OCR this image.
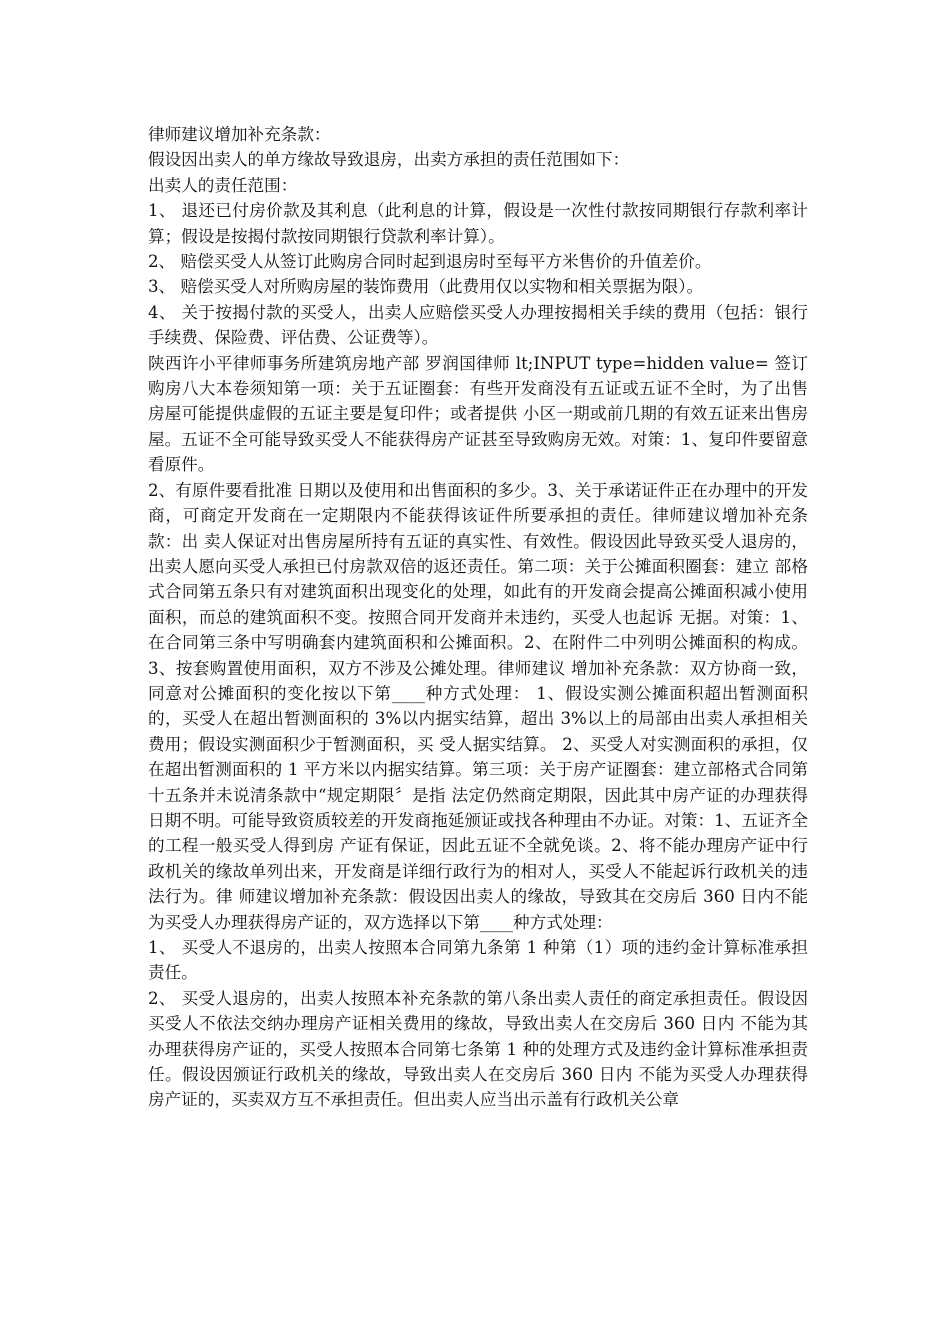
律师建议增加补充条款：

假设因出卖人的单方缘故导致退房，出卖方承担的责任范围如下：

出卖人的责任范围：

1、 退还已付房价款及其利息（此利息的计算，假设是一次性付款按同期银行存款利率计算；假设是按揭付款按同期银行贷款利率计算）。

2、 赔偿买受人从签订此购房合同时起到退房时至每平方米售价的升值差价。

3、 赔偿买受人对所购房屋的装饰费用（此费用仅以实物和相关票据为限）。

4、 关于按揭付款的买受人，出卖人应赔偿买受人办理按揭相关手续的费用（包括：银行手续费、保险费、评估费、公证费等）。

陕西许小平律师事务所建筑房地产部 罗润国律师 lt;INPUT type=hidden value= 签订购房八大本卷须知第一项：关于五证圈套：有些开发商没有五证或五证不全时，为了出售房屋可能提供虚假的五证主要是复印件；或者提供 小区一期或前几期的有效五证来出售房屋。五证不全可能导致买受人不能获得房产证甚至导致购房无效。对策：1、复印件要留意看原件。

2、有原件要看批准 日期以及使用和出售面积的多少。3、关于承诺证件正在办理中的开发商，可商定开发商在一定期限内不能获得该证件所要承担的责任。律师建议增加补充条款：出 卖人保证对出售房屋所持有五证的真实性、有效性。假设因此导致买受人退房的，出卖人愿向买受人承担已付房款双倍的返还责任。第二项：关于公摊面积圈套：建立 部格式合同第五条只有对建筑面积出现变化的处理，如此有的开发商会提高公摊面积减小使用面积，而总的建筑面积不变。按照合同开发商并未违约，买受人也起诉 无据。对策：1、在合同第三条中写明确套内建筑面积和公摊面积。2、在附件二中列明公摊面积的构成。3、按套购置使用面积，双方不涉及公摊处理。律师建议 增加补充条款：双方协商一致，同意对公摊面积的变化按以下第____种方式处理： 1、假设实测公摊面积超出暂测面积的，买受人在超出暂测面积的 3%以内据实结算，超出 3%以上的局部由出卖人承担相关费用；假设实测面积少于暂测面积，买 受人据实结算。 2、买受人对实测面积的承担，仅在超出暂测面积的 1 平方米以内据实结算。第三项：关于房产证圈套：建立部格式合同第十五条并未说清条款中“规定期限〞是指 法定仍然商定期限，因此其中房产证的办理获得日期不明。可能导致资质较差的开发商拖延颁证或找各种理由不办证。对策：1、五证齐全的工程一般买受人得到房 产证有保证，因此五证不全就免谈。2、将不能办理房产证中行政机关的缘故单列出来，开发商是详细行政行为的相对人，买受人不能起诉行政机关的违法行为。律 师建议增加补充条款：假设因出卖人的缘故，导致其在交房后 360 日内不能为买受人办理获得房产证的，双方选择以下第____种方式处理：

1、 买受人不退房的，出卖人按照本合同第九条第 1 种第（1）项的违约金计算标准承担责任。

2、 买受人退房的，出卖人按照本补充条款的第八条出卖人责任的商定承担责任。假设因买受人不依法交纳办理房产证相关费用的缘故，导致出卖人在交房后 360 日内 不能为其办理获得房产证的，买受人按照本合同第七条第 1 种的处理方式及违约金计算标准承担责任。假设因颁证行政机关的缘故，导致出卖人在交房后 360 日内 不能为买受人办理获得房产证的，买卖双方互不承担责任。但出卖人应当出示盖有行政机关公章
